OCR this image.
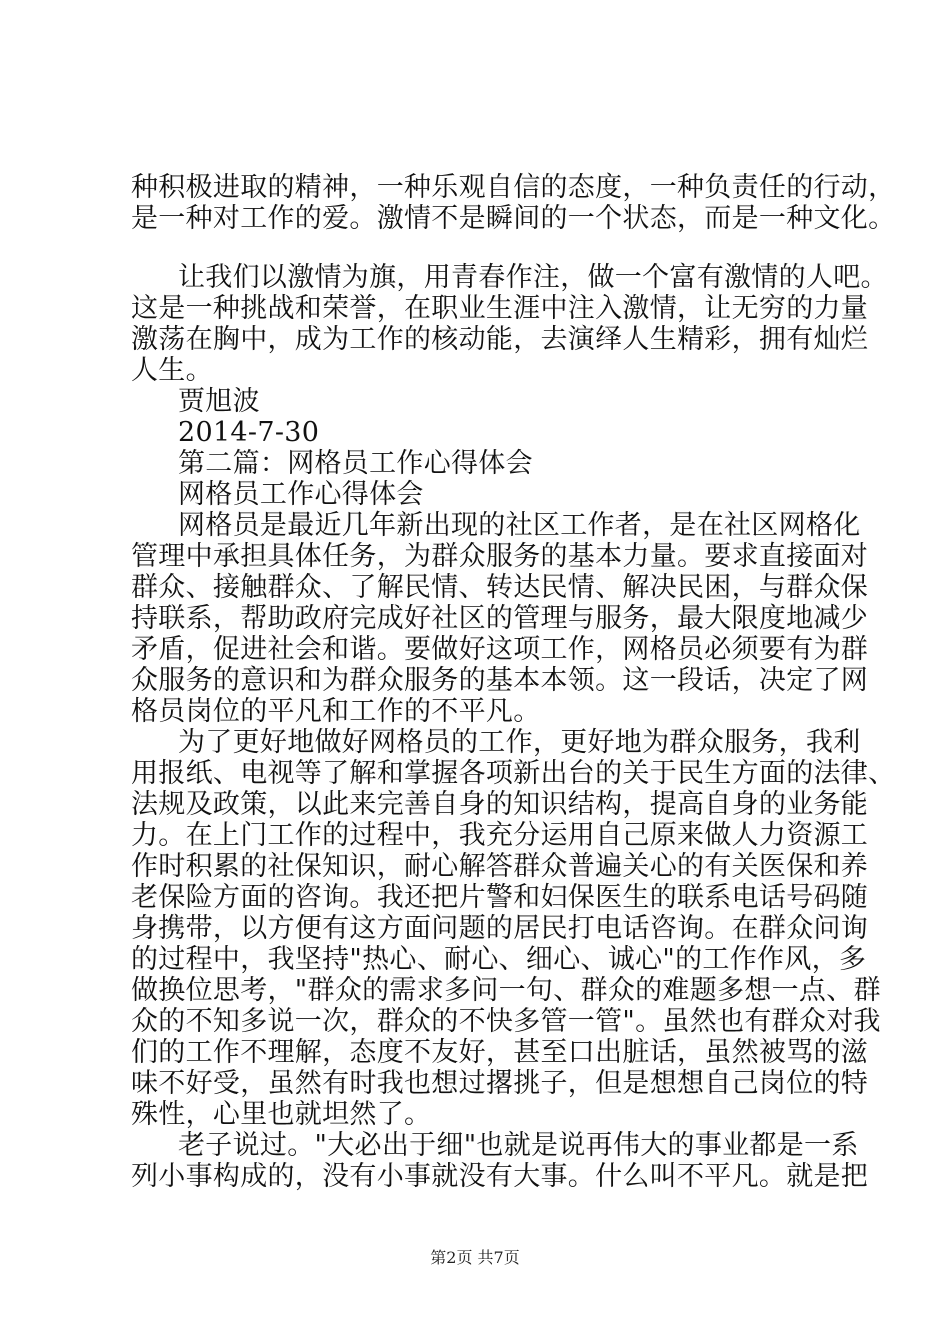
种积极进取的精神，一种乐观自信的态度，一种负责任的行动，
是一种对工作的爱。激情不是瞬间的一个状态，而是一种文化。
让我们以激情为旗，用青春作注，做一个富有激情的人吧。
这是一种挑战和荣誉，在职业生涯中注入激情，让无穷的力量
激荡在胸中，成为工作的核动能，去演绎人生精彩，拥有灿烂
人生。
贾旭波
2014-7-30
第二篇：网格员工作心得体会
网格员工作心得体会
网格员是最近几年新出现的社区工作者，是在社区网格化
管理中承担具体任务，为群众服务的基本力量。要求直接面对
群众、接触群众、了解民情、转达民情、解决民困，与群众保
持联系，帮助政府完成好社区的管理与服务，最大限度地减少
矛盾，促进社会和谐。要做好这项工作，网格员必须要有为群
众服务的意识和为群众服务的基本本领。这一段话，决定了网
格员岗位的平凡和工作的不平凡。
为了更好地做好网格员的工作，更好地为群众服务，我利
用报纸、电视等了解和掌握各项新出台的关于民生方面的法律、
法规及政策，以此来完善自身的知识结构，提高自身的业务能
力。在上门工作的过程中，我充分运用自己原来做人力资源工
作时积累的社保知识，耐心解答群众普遍关心的有关医保和养
老保险方面的咨询。我还把片警和妇保医生的联系电话号码随
身携带，以方便有这方面问题的居民打电话咨询。在群众问询
的过程中，我坚持"热心、耐心、细心、诚心"的工作作风，多
做换位思考，"群众的需求多问一句、群众的难题多想一点、群
众的不知多说一次，群众的不快多管一管"。虽然也有群众对我
们的工作不理解，态度不友好，甚至口出脏话，虽然被骂的滋
味不好受，虽然有时我也想过撂挑子，但是想想自己岗位的特
殊性，心里也就坦然了。
老子说过。"大必出于细"也就是说再伟大的事业都是一系
列小事构成的，没有小事就没有大事。什么叫不平凡。就是把
第2页 共7页
